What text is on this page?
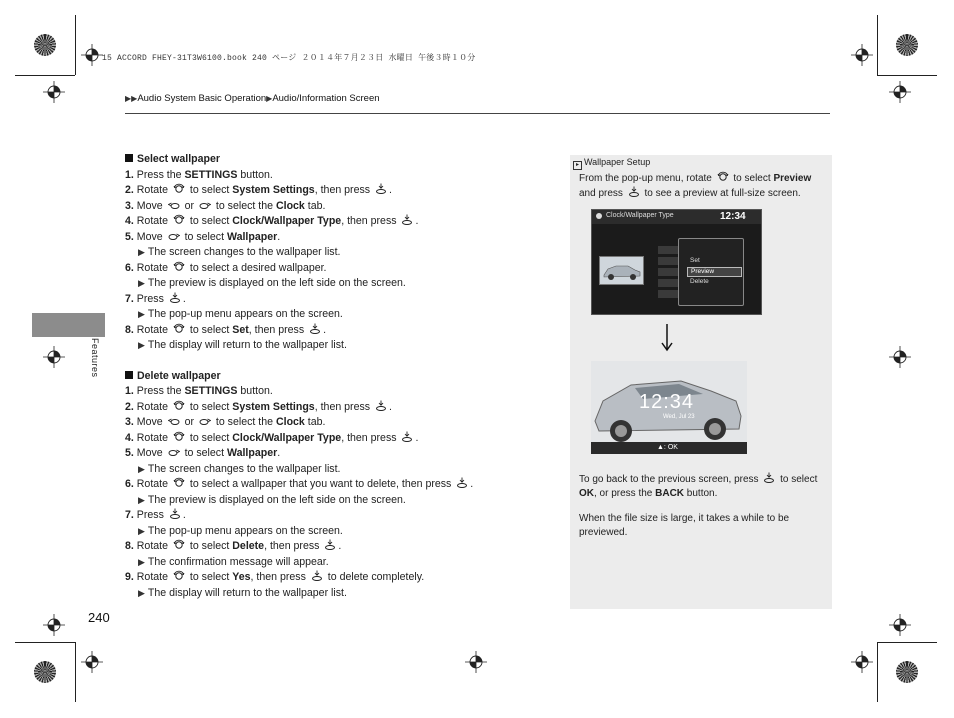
15 ACCORD FHEY-31T3W6100.book 240 ページ ２０１４年７月２３日 水曜日 午後３時１０分
▶▶Audio System Basic Operation▶Audio/Information Screen
Features
240

Select wallpaper

1. Press the SETTINGS button.

2. Rotate  to select System Settings, then press .

3. Move  or  to select the Clock tab.

4. Rotate  to select Clock/Wallpaper Type, then press .

5. Move  to select Wallpaper.

▶ The screen changes to the wallpaper list.

6. Rotate  to select a desired wallpaper.

▶ The preview is displayed on the left side on the screen.

7. Press .

▶ The pop-up menu appears on the screen.

8. Rotate  to select Set, then press .

▶ The display will return to the wallpaper list.

Delete wallpaper

1. Press the SETTINGS button.

2. Rotate  to select System Settings, then press .

3. Move  or  to select the Clock tab.

4. Rotate  to select Clock/Wallpaper Type, then press .

5. Move  to select Wallpaper.

▶ The screen changes to the wallpaper list.

6. Rotate  to select a wallpaper that you want to delete, then press .

▶ The preview is displayed on the left side on the screen.

7. Press .

▶ The pop-up menu appears on the screen.

8. Rotate  to select Delete, then press .

▶ The confirmation message will appear.

9. Rotate  to select Yes, then press  to delete completely.

▶ The display will return to the wallpaper list.

▸ Wallpaper Setup
From the pop-up menu, rotate  to select Preview and press  to see a preview at full-size screen.
Clock/Wallpaper Type	12:34
Set
Preview
Delete
12:34
Wed, Jul 23
▲: OK
To go back to the previous screen, press  to select OK, or press the BACK button.
When the file size is large, it takes a while to be previewed.
